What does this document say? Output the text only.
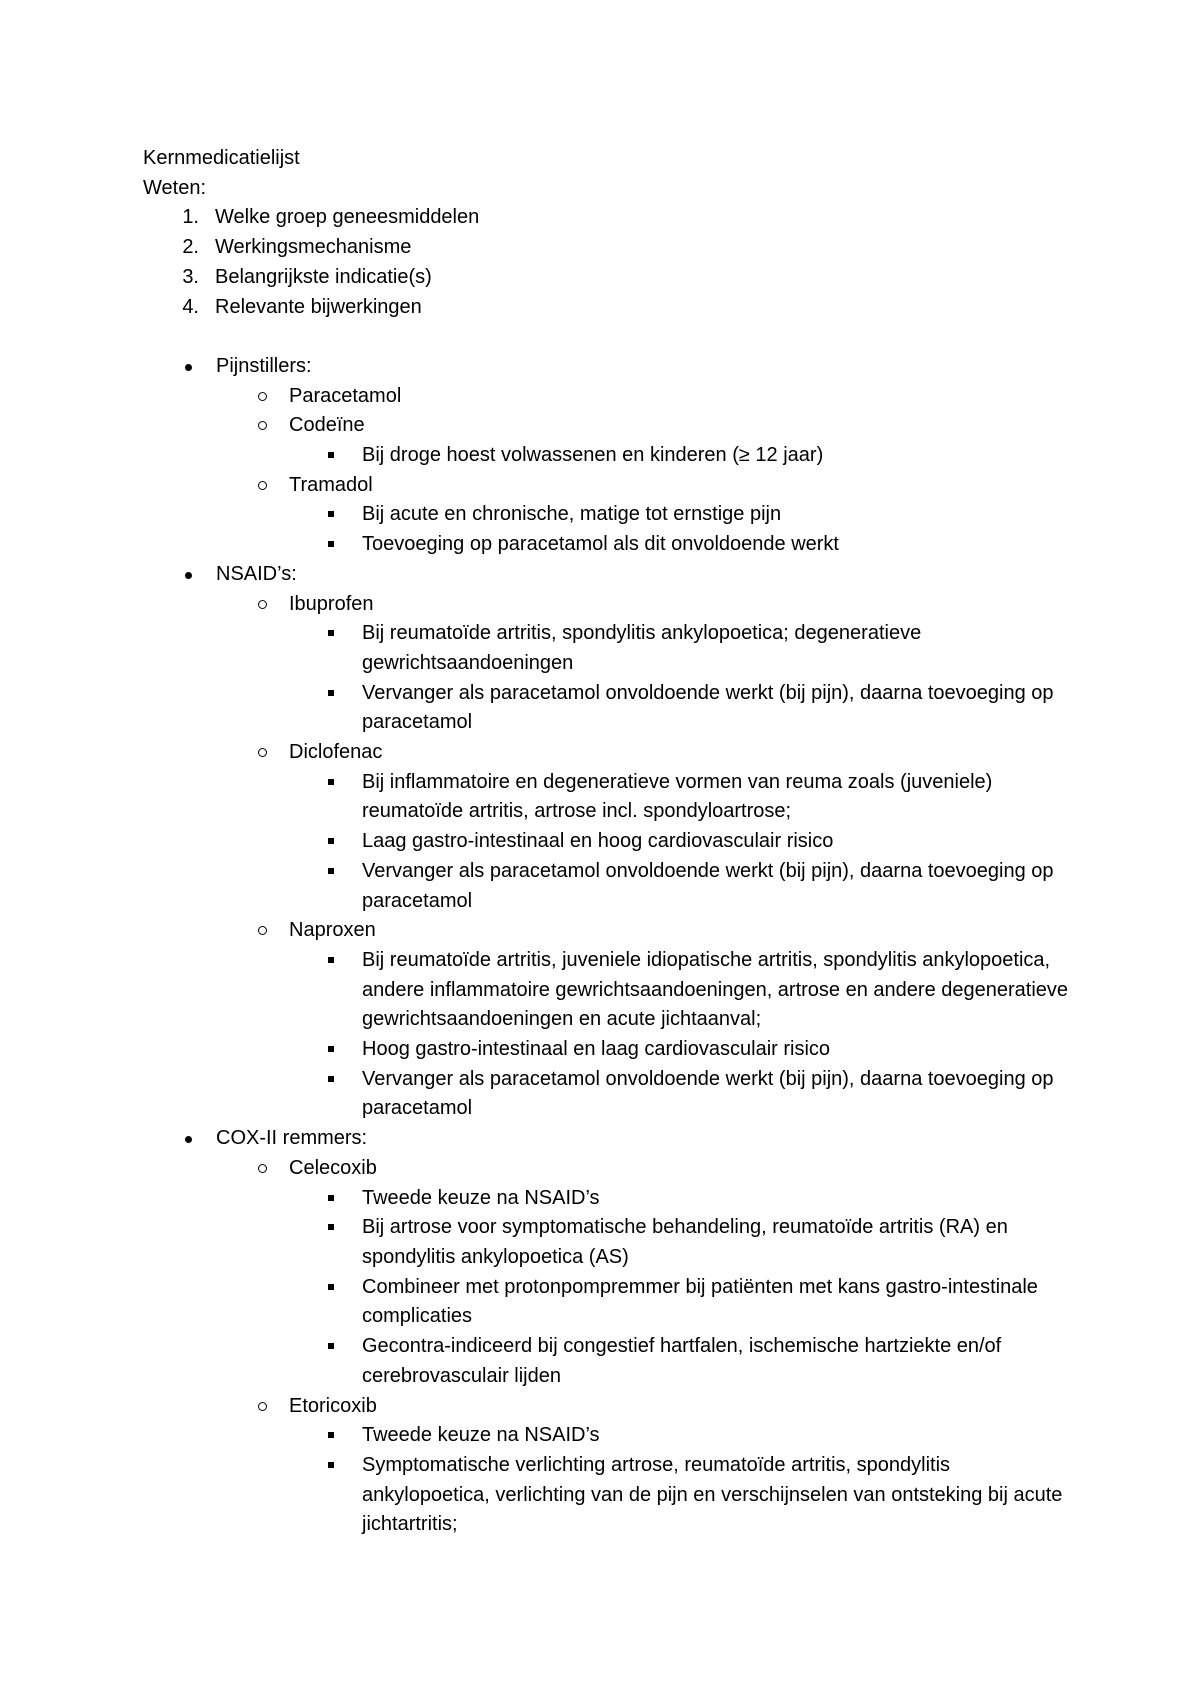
Kernmedicatielijst
Weten:
1. Welke groep geneesmiddelen
2. Werkingsmechanisme
3. Belangrijkste indicatie(s)
4. Relevante bijwerkingen
Pijnstillers:
Paracetamol
Codeïne
Bij droge hoest volwassenen en kinderen (≥ 12 jaar)
Tramadol
Bij acute en chronische, matige tot ernstige pijn
Toevoeging op paracetamol als dit onvoldoende werkt
NSAID’s:
Ibuprofen
Bij reumatoïde artritis, spondylitis ankylopoetica; degeneratieve gewrichtsaandoeningen
Vervanger als paracetamol onvoldoende werkt (bij pijn), daarna toevoeging op paracetamol
Diclofenac
Bij inflammatoire en degeneratieve vormen van reuma zoals (juveniele) reumatoïde artritis, artrose incl. spondyloartrose;
Laag gastro-intestinaal en hoog cardiovasculair risico
Vervanger als paracetamol onvoldoende werkt (bij pijn), daarna toevoeging op paracetamol
Naproxen
Bij reumatoïde artritis, juveniele idiopatische artritis, spondylitis ankylopoetica, andere inflammatoire gewrichtsaandoeningen, artrose en andere degeneratieve gewrichtsaandoeningen en acute jichtaanval;
Hoog gastro-intestinaal en laag cardiovasculair risico
Vervanger als paracetamol onvoldoende werkt (bij pijn), daarna toevoeging op paracetamol
COX-II remmers:
Celecoxib
Tweede keuze na NSAID’s
Bij artrose voor symptomatische behandeling, reumatoïde artritis (RA) en spondylitis ankylopoetica (AS)
Combineer met protonpompremmer bij patiënten met kans gastro-intestinale complicaties
Gecontra-indiceerd bij congestief hartfalen, ischemische hartziekte en/of cerebrovasculair lijden
Etoricoxib
Tweede keuze na NSAID’s
Symptomatische verlichting artrose, reumatoïde artritis, spondylitis ankylopoetica, verlichting van de pijn en verschijnselen van ontsteking bij acute jichtartritis;
